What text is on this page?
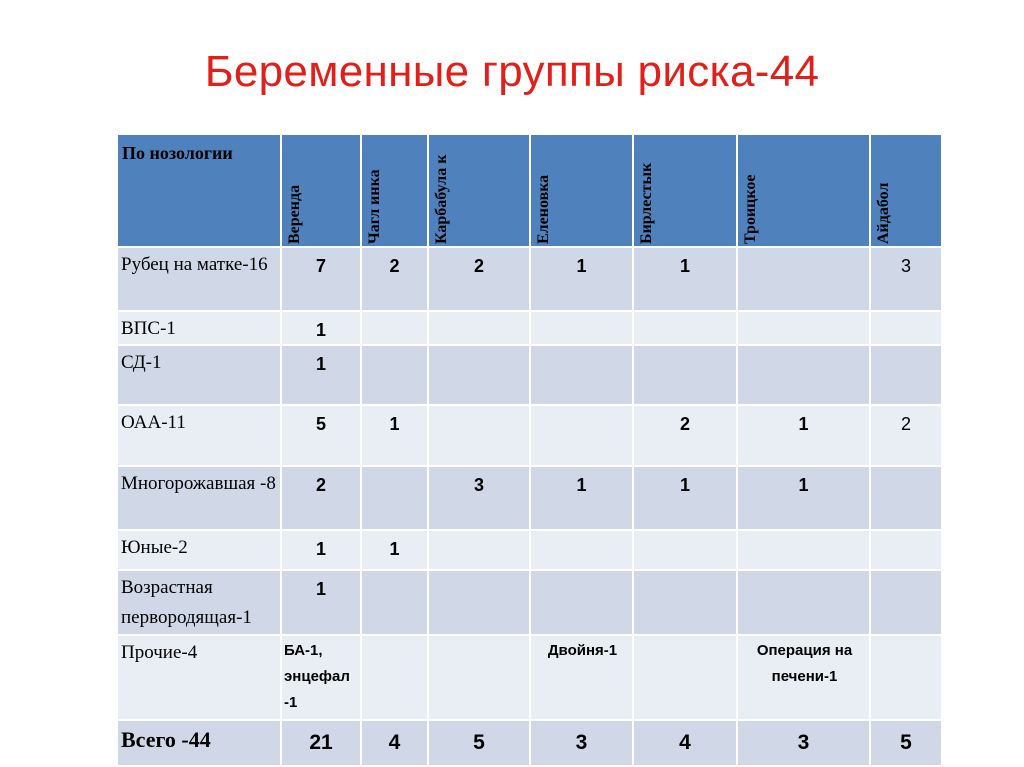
Беременные группы риска-44
По нозологии	Веренда	Чагл инка	Карбабула к	Еленовка	Бирлестык	Троицкое	Айдабол

Рубец на матке-16	7	2	2	1	1		3
ВПС-1	1						
СД-1	1						
ОАА-11	5	1			2	1	2
Многорожавшая -8	2		3	1	1	1	
Юные-2	1	1					
Возрастная первородящая-1	1						
Прочие-4	БА-1, энцефал -1			Двойня-1		Операция на печени-1	
Всего -44	21	4	5	3	4	3	5
